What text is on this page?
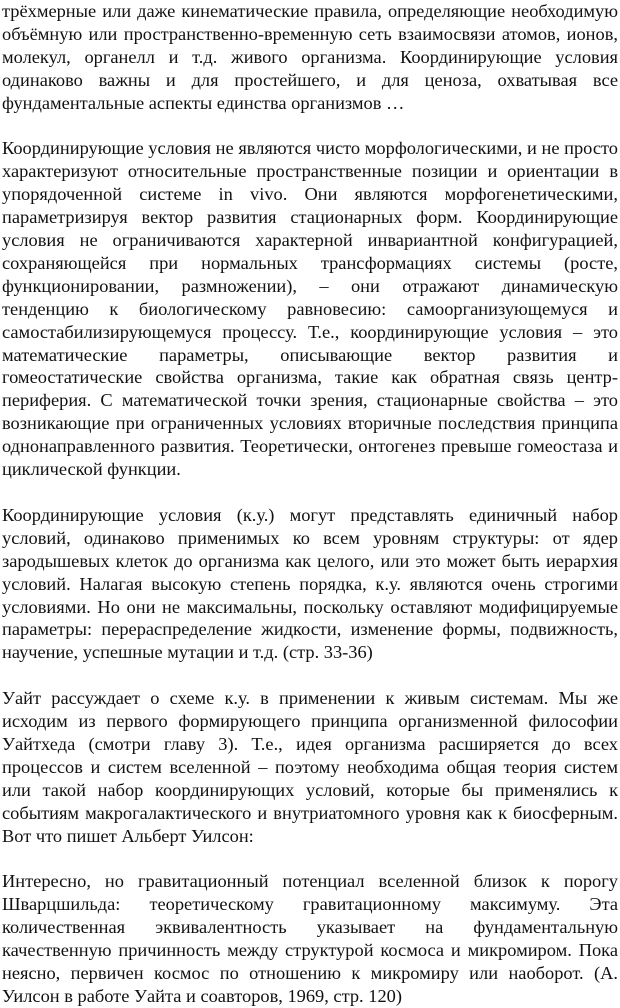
трёхмерные или даже кинематические правила, определяющие необходимую объёмную или пространственно-временную сеть взаимосвязи атомов, ионов, молекул, органелл и т.д. живого организма. Координирующие условия одинаково важны и для простейшего, и для ценоза, охватывая все фундаментальные аспекты единства организмов …

Координирующие условия не являются чисто морфологическими, и не просто характеризуют относительные пространственные позиции и ориентации в упорядоченной системе in vivo. Они являются морфогенетическими, параметризируя вектор развития стационарных форм. Координирующие условия не ограничиваются характерной инвариантной конфигурацией, сохраняющейся при нормальных трансформациях системы (росте, функционировании, размножении), – они отражают динамическую тенденцию к биологическому равновесию: самоорганизующемуся и самостабилизирующемуся процессу. Т.е., координирующие условия – это математические параметры, описывающие вектор развития и гомеостатические свойства организма, такие как обратная связь центр-периферия. С математической точки зрения, стационарные свойства – это возникающие при ограниченных условиях вторичные последствия принципа однонаправленного развития. Теоретически, онтогенез превыше гомеостаза и циклической функции.

Координирующие условия (к.у.) могут представлять единичный набор условий, одинаково применимых ко всем уровням структуры: от ядер зародышевых клеток до организма как целого, или это может быть иерархия условий. Налагая высокую степень порядка, к.у. являются очень строгими условиями. Но они не максимальны, поскольку оставляют модифицируемые параметры: перераспределение жидкости, изменение формы, подвижность, научение, успешные мутации и т.д. (стр. 33-36)

Уайт рассуждает о схеме к.у. в применении к живым системам. Мы же исходим из первого формирующего принципа организменной философии Уайтхеда (смотри главу 3). Т.е., идея организма расширяется до всех процессов и систем вселенной – поэтому необходима общая теория систем или такой набор координирующих условий, которые бы применялись к событиям макрогалактического и внутриатомного уровня как к биосферным. Вот что пишет Альберт Уилсон:

Интересно, но гравитационный потенциал вселенной близок к порогу Шварцшильда: теоретическому гравитационному максимуму. Эта количественная эквивалентность указывает на фундаментальную качественную причинность между структурой космоса и микромиром. Пока неясно, первичен космос по отношению к микромиру или наоборот. (А. Уилсон в работе Уайта и соавторов, 1969, стр. 120)
